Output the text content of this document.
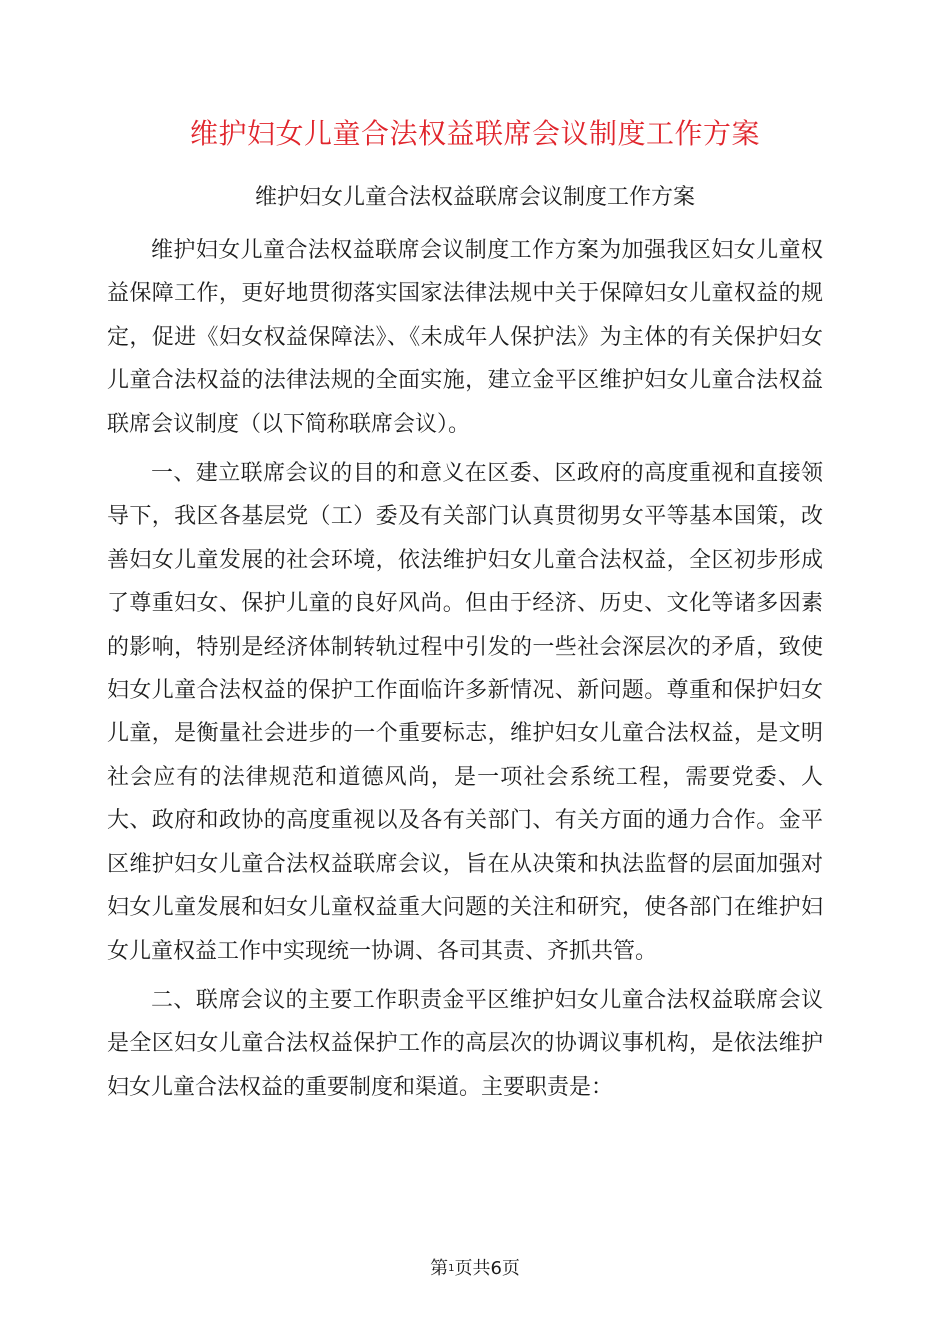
维护妇女儿童合法权益联席会议制度工作方案
维护妇女儿童合法权益联席会议制度工作方案

维护妇女儿童合法权益联席会议制度工作方案为加强我区妇女儿童权益保障工作，更好地贯彻落实国家法律法规中关于保障妇女儿童权益的规定，促进《妇女权益保障法》、《未成年人保护法》为主体的有关保护妇女儿童合法权益的法律法规的全面实施，建立金平区维护妇女儿童合法权益联席会议制度（以下简称联席会议）。

一、建立联席会议的目的和意义在区委、区政府的高度重视和直接领导下，我区各基层党（工）委及有关部门认真贯彻男女平等基本国策，改善妇女儿童发展的社会环境，依法维护妇女儿童合法权益，全区初步形成了尊重妇女、保护儿童的良好风尚。但由于经济、历史、文化等诸多因素的影响，特别是经济体制转轨过程中引发的一些社会深层次的矛盾，致使妇女儿童合法权益的保护工作面临许多新情况、新问题。尊重和保护妇女儿童，是衡量社会进步的一个重要标志，维护妇女儿童合法权益，是文明社会应有的法律规范和道德风尚，是一项社会系统工程，需要党委、人大、政府和政协的高度重视以及各有关部门、有关方面的通力合作。金平区维护妇女儿童合法权益联席会议，旨在从决策和执法监督的层面加强对妇女儿童发展和妇女儿童权益重大问题的关注和研究，使各部门在维护妇女儿童权益工作中实现统一协调、各司其责、齐抓共管。

二、联席会议的主要工作职责金平区维护妇女儿童合法权益联席会议是全区妇女儿童合法权益保护工作的高层次的协调议事机构，是依法维护妇女儿童合法权益的重要制度和渠道。主要职责是：

第1页共6页
